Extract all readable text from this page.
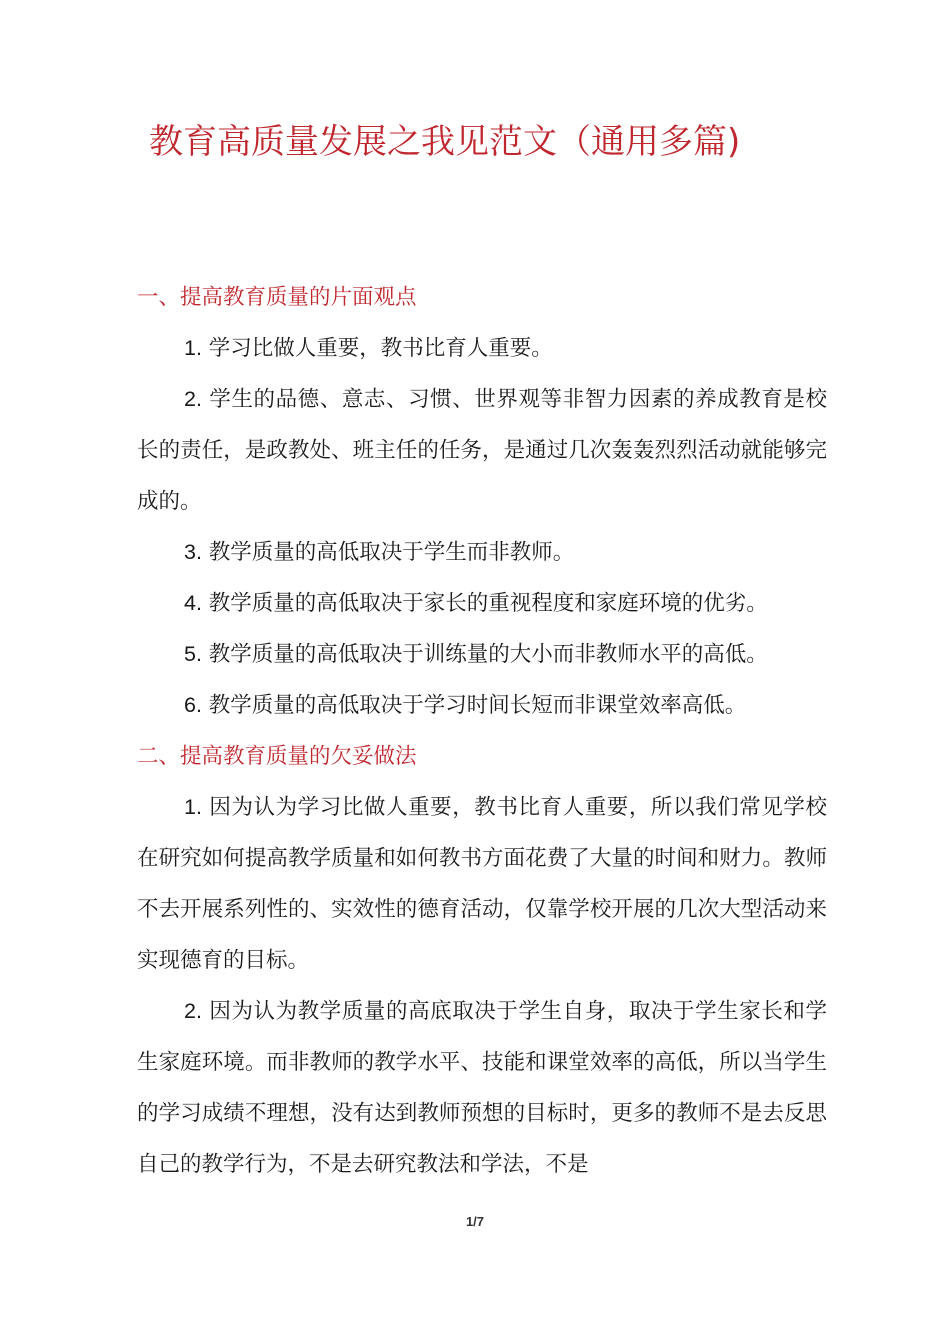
教育高质量发展之我见范文（通用多篇)
一、提高教育质量的片面观点

1. 学习比做人重要，教书比育人重要。

2. 学生的品德、意志、习惯、世界观等非智力因素的养成教育是校长的责任，是政教处、班主任的任务，是通过几次轰轰烈烈活动就能够完成的。

3. 教学质量的高低取决于学生而非教师。

4. 教学质量的高低取决于家长的重视程度和家庭环境的优劣。

5. 教学质量的高低取决于训练量的大小而非教师水平的高低。

6. 教学质量的高低取决于学习时间长短而非课堂效率高低。

二、提高教育质量的欠妥做法

1. 因为认为学习比做人重要，教书比育人重要，所以我们常见学校在研究如何提高教学质量和如何教书方面花费了大量的时间和财力。教师不去开展系列性的、实效性的德育活动，仅靠学校开展的几次大型活动来实现德育的目标。

2. 因为认为教学质量的高底取决于学生自身，取决于学生家长和学生家庭环境。而非教师的教学水平、技能和课堂效率的高低，所以当学生的学习成绩不理想，没有达到教师预想的目标时，更多的教师不是去反思自己的教学行为，不是去研究教法和学法，不是

1/7
